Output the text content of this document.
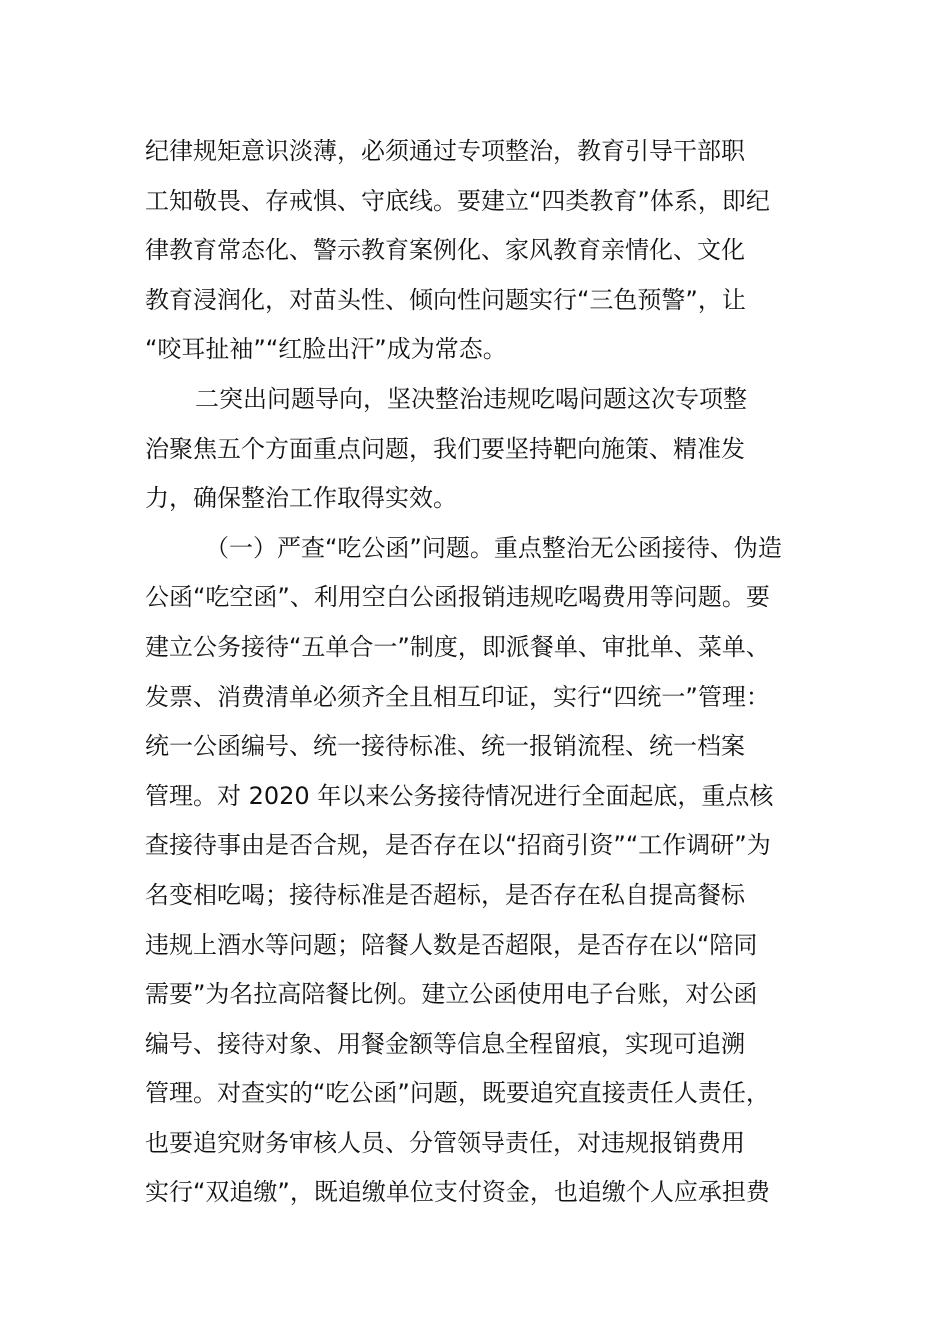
纪律规矩意识淡薄，必须通过专项整治，教育引导干部职
工知敬畏、存戒惧、守底线。要建立“四类教育”体系，即纪
律教育常态化、警示教育案例化、家风教育亲情化、文化
教育浸润化，对苗头性、倾向性问题实行“三色预警”，让
“咬耳扯袖”“红脸出汗”成为常态。
二突出问题导向，坚决整治违规吃喝问题这次专项整
治聚焦五个方面重点问题，我们要坚持靶向施策、精准发
力，确保整治工作取得实效。
（一）严查“吃公函”问题。重点整治无公函接待、伪造
公函“吃空函”、利用空白公函报销违规吃喝费用等问题。要
建立公务接待“五单合一”制度，即派餐单、审批单、菜单、
发票、消费清单必须齐全且相互印证，实行“四统一”管理：
统一公函编号、统一接待标准、统一报销流程、统一档案
管理。对 2020 年以来公务接待情况进行全面起底，重点核
查接待事由是否合规，是否存在以“招商引资”“工作调研”为
名变相吃喝；接待标准是否超标，是否存在私自提高餐标
违规上酒水等问题；陪餐人数是否超限，是否存在以“陪同
需要”为名拉高陪餐比例。建立公函使用电子台账，对公函
编号、接待对象、用餐金额等信息全程留痕，实现可追溯
管理。对查实的“吃公函”问题，既要追究直接责任人责任，
也要追究财务审核人员、分管领导责任，对违规报销费用
实行“双追缴”，既追缴单位支付资金，也追缴个人应承担费
